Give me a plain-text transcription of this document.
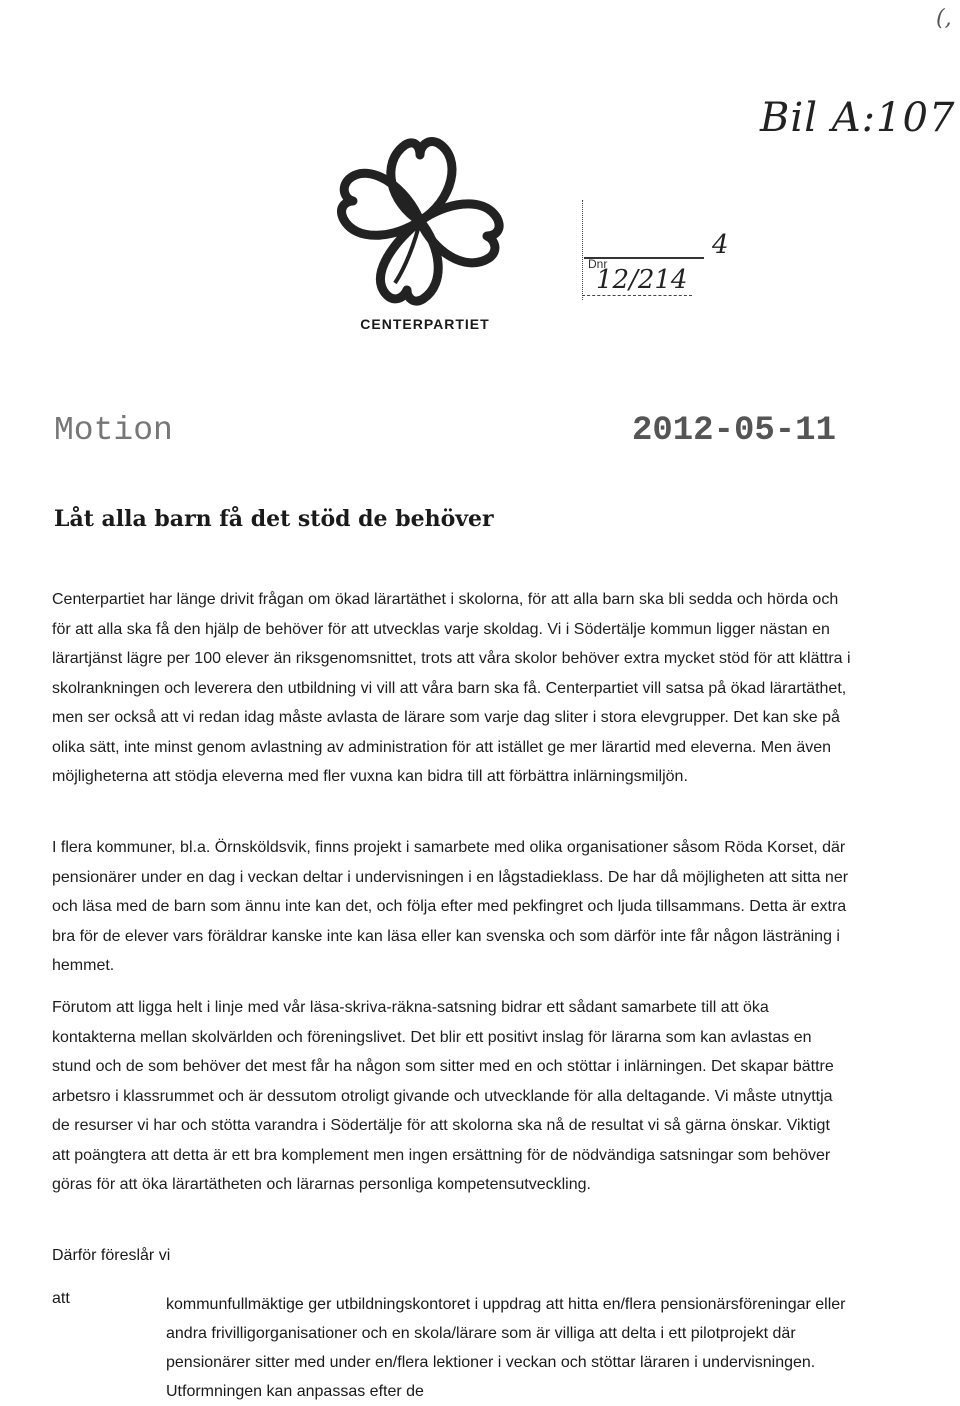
(,
Bil A:107
4
Dnr
12/214
CENTERPARTIET
Motion	2012-05-11
Låt alla barn få det stöd de behöver
Centerpartiet har länge drivit frågan om ökad lärartäthet i skolorna, för att alla barn ska bli sedda och hörda och för att alla ska få den hjälp de behöver för att utvecklas varje skoldag. Vi i Södertälje kommun ligger nästan en lärartjänst lägre per 100 elever än riksgenomsnittet, trots att våra skolor behöver extra mycket stöd för att klättra i skolrankningen och leverera den utbildning vi vill att våra barn ska få. Centerpartiet vill satsa på ökad lärartäthet, men ser också att vi redan idag måste avlasta de lärare som varje dag sliter i stora elevgrupper. Det kan ske på olika sätt, inte minst genom avlastning av administration för att istället ge mer lärartid med eleverna. Men även möjligheterna att stödja eleverna med fler vuxna kan bidra till att förbättra inlärningsmiljön.
I flera kommuner, bl.a. Örnsköldsvik, finns projekt i samarbete med olika organisationer såsom Röda Korset, där pensionärer under en dag i veckan deltar i undervisningen i en lågstadieklass. De har då möjligheten att sitta ner och läsa med de barn som ännu inte kan det, och följa efter med pekfingret och ljuda tillsammans. Detta är extra bra för de elever vars föräldrar kanske inte kan läsa eller kan svenska och som därför inte får någon lästräning i hemmet.
Förutom att ligga helt i linje med vår läsa-skriva-räkna-satsning bidrar ett sådant samarbete till att öka kontakterna mellan skolvärlden och föreningslivet. Det blir ett positivt inslag för lärarna som kan avlastas en stund och de som behöver det mest får ha någon som sitter med en och stöttar i inlärningen. Det skapar bättre arbetsro i klassrummet och är dessutom otroligt givande och utvecklande för alla deltagande. Vi måste utnyttja de resurser vi har och stötta varandra i Södertälje för att skolorna ska nå de resultat vi så gärna önskar. Viktigt att poängtera att detta är ett bra komplement men ingen ersättning för de nödvändiga satsningar som behöver göras för att öka lärartätheten och lärarnas personliga kompetensutveckling.
Därför föreslår vi
att	kommunfullmäktige ger utbildningskontoret i uppdrag att hitta en/flera pensionärsföreningar eller andra frivilligorganisationer och en skola/lärare som är villiga att delta i ett pilotprojekt där pensionärer sitter med under en/flera lektioner i veckan och stöttar läraren i undervisningen. Utformningen kan anpassas efter de
